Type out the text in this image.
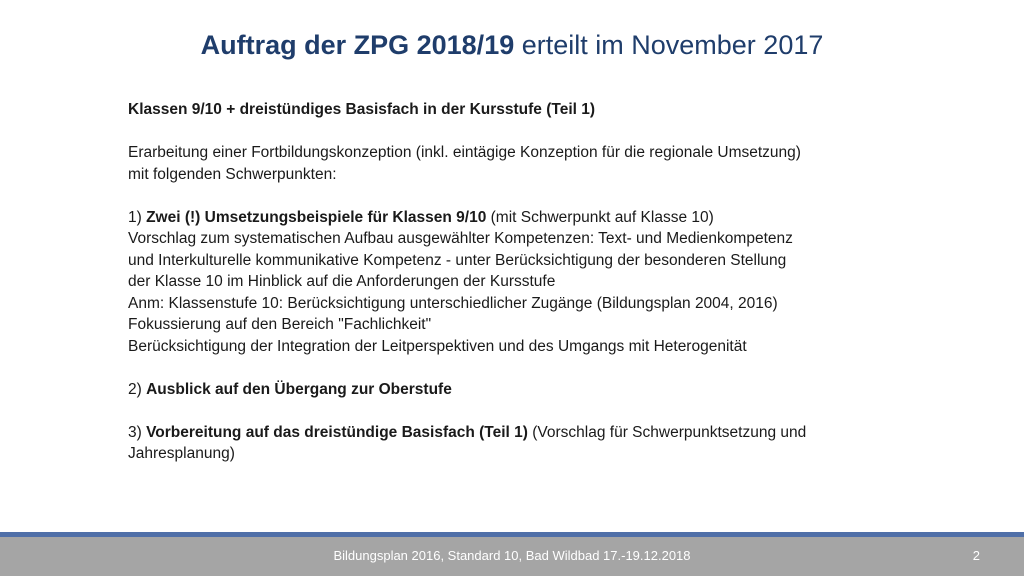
Auftrag der ZPG 2018/19 erteilt im November 2017

Klassen 9/10 + dreistündiges Basisfach in der Kursstufe (Teil 1)

Erarbeitung einer Fortbildungskonzeption (inkl. eintägige Konzeption für die regionale Umsetzung)

mit folgenden Schwerpunkten:

1) Zwei (!) Umsetzungsbeispiele für Klassen 9/10 (mit Schwerpunkt auf Klasse 10)

Vorschlag zum systematischen Aufbau ausgewählter Kompetenzen: Text- und Medienkompetenz

und Interkulturelle kommunikative Kompetenz - unter Berücksichtigung der besonderen Stellung

der Klasse 10 im Hinblick auf die Anforderungen der Kursstufe

Anm: Klassenstufe 10: Berücksichtigung unterschiedlicher Zugänge (Bildungsplan 2004, 2016)

Fokussierung auf den Bereich "Fachlichkeit"

Berücksichtigung der Integration der Leitperspektiven und des Umgangs mit Heterogenität

2) Ausblick auf den Übergang zur Oberstufe

3) Vorbereitung auf das dreistündige Basisfach (Teil 1) (Vorschlag für Schwerpunktsetzung und

Jahresplanung)

Bildungsplan 2016, Standard 10, Bad Wildbad 17.-19.12.2018	2
